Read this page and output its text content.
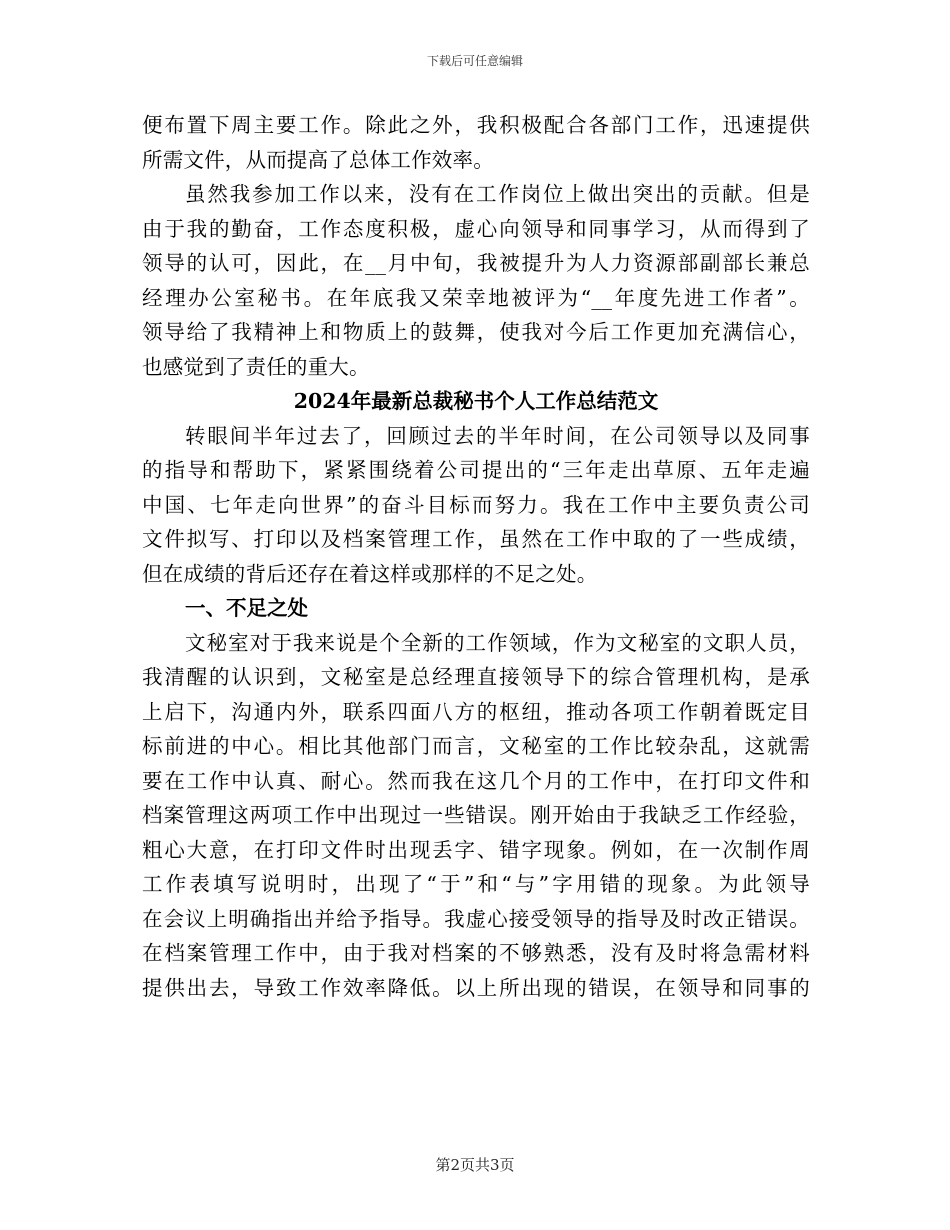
下载后可任意编辑
便布置下周主要工作。除此之外，我积极配合各部门工作，迅速提供
所需文件，从而提高了总体工作效率。
虽然我参加工作以来，没有在工作岗位上做出突出的贡献。但是
由于我的勤奋，工作态度积极，虚心向领导和同事学习，从而得到了
领导的认可，因此，在__月中旬，我被提升为人力资源部副部长兼总
经理办公室秘书。在年底我又荣幸地被评为“__年度先进工作者”。
领导给了我精神上和物质上的鼓舞，使我对今后工作更加充满信心，
也感觉到了责任的重大。
2024年最新总裁秘书个人工作总结范文
转眼间半年过去了，回顾过去的半年时间，在公司领导以及同事
的指导和帮助下，紧紧围绕着公司提出的“三年走出草原、五年走遍
中国、七年走向世界”的奋斗目标而努力。我在工作中主要负责公司
文件拟写、打印以及档案管理工作，虽然在工作中取的了一些成绩，
但在成绩的背后还存在着这样或那样的不足之处。
一、不足之处
文秘室对于我来说是个全新的工作领域，作为文秘室的文职人员，
我清醒的认识到，文秘室是总经理直接领导下的综合管理机构，是承
上启下，沟通内外，联系四面八方的枢纽，推动各项工作朝着既定目
标前进的中心。相比其他部门而言，文秘室的工作比较杂乱，这就需
要在工作中认真、耐心。然而我在这几个月的工作中，在打印文件和
档案管理这两项工作中出现过一些错误。刚开始由于我缺乏工作经验，
粗心大意，在打印文件时出现丢字、错字现象。例如，在一次制作周
工作表填写说明时，出现了“于”和“与”字用错的现象。为此领导
在会议上明确指出并给予指导。我虚心接受领导的指导及时改正错误。
在档案管理工作中，由于我对档案的不够熟悉，没有及时将急需材料
提供出去，导致工作效率降低。以上所出现的错误，在领导和同事的
第2页共3页
